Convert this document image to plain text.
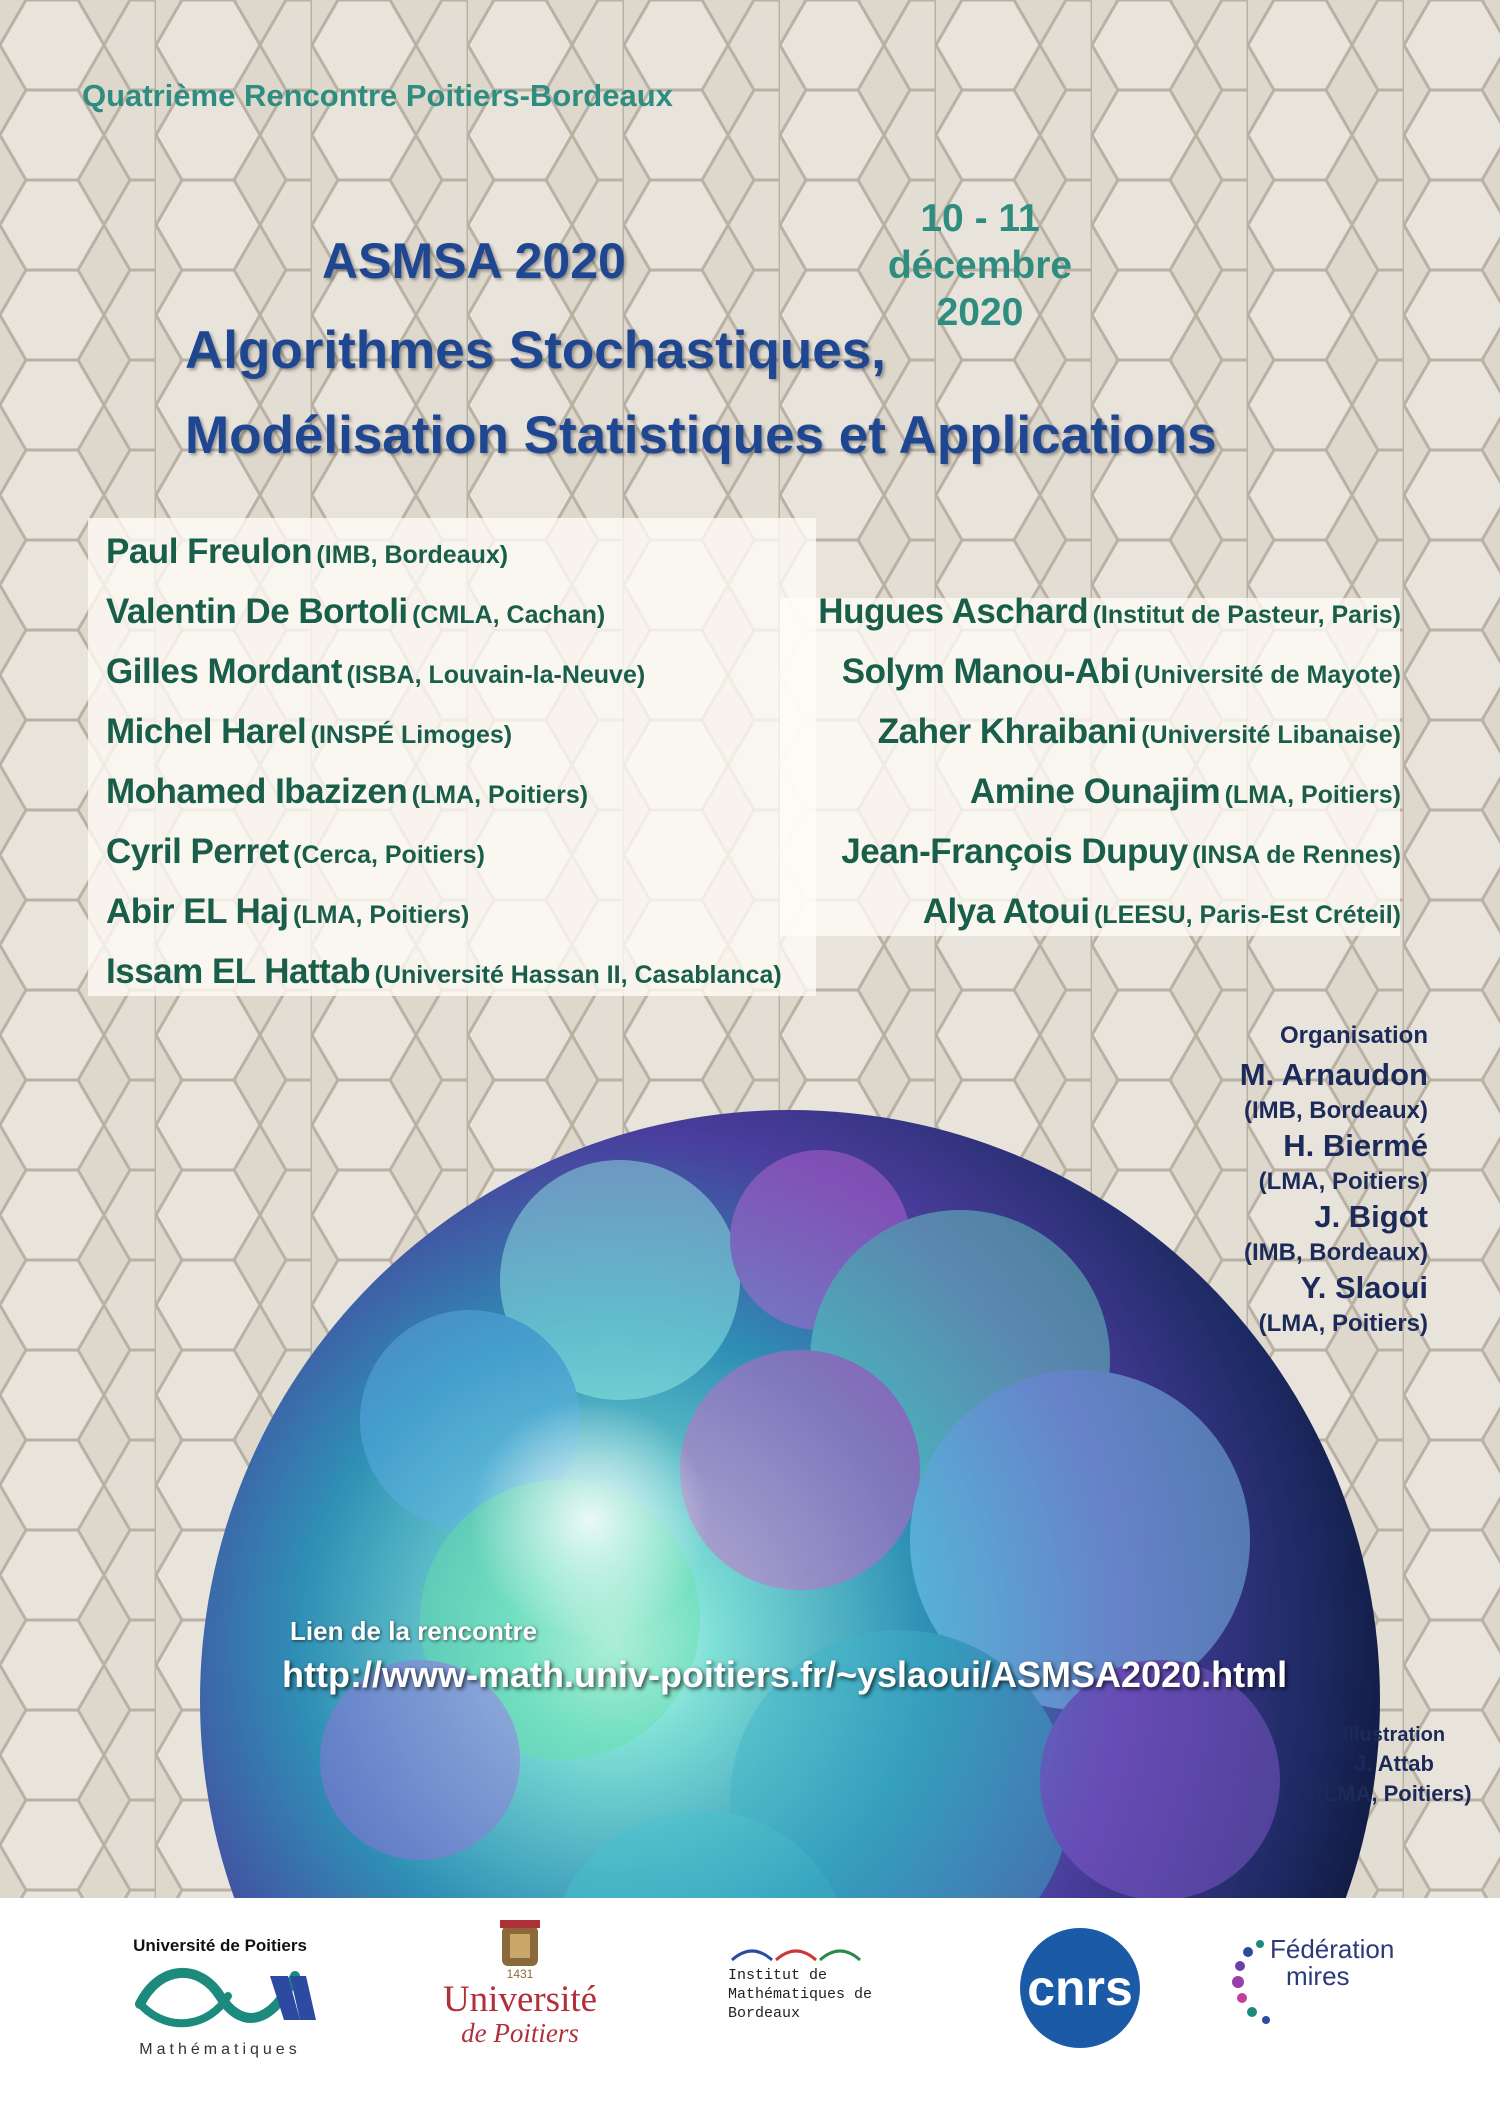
Quatrième Rencontre Poitiers-Bordeaux
ASMSA 2020
Algorithmes Stochastiques,
Modélisation Statistiques et Applications
10 - 11
décembre
2020
Paul Freulon (IMB, Bordeaux)
Valentin De Bortoli (CMLA, Cachan)
Gilles Mordant (ISBA, Louvain-la-Neuve)
Michel Harel (INSPÉ Limoges)
Mohamed Ibazizen (LMA, Poitiers)
Cyril Perret (Cerca, Poitiers)
Abir EL Haj (LMA, Poitiers)
Issam EL Hattab (Université Hassan II, Casablanca)
Hugues Aschard (Institut de Pasteur, Paris)
Solym Manou-Abi (Université de Mayote)
Zaher Khraibani (Université Libanaise)
Amine Ounajim (LMA, Poitiers)
Jean-François Dupuy (INSA de Rennes)
Alya Atoui (LEESU, Paris-Est Créteil)
Organisation
M. Arnaudon
(IMB, Bordeaux)
H. Biermé
(LMA, Poitiers)
J. Bigot
(IMB, Bordeaux)
Y. Slaoui
(LMA, Poitiers)
Lien de la rencontre
http://www-math.univ-poitiers.fr/~yslaoui/ASMSA2020.html
Illustration
J. Attab
(LMA, Poitiers)
Université de Poitiers
Mathématiques
1431
Université
de Poitiers
Institut de
Mathématiques de
Bordeaux	cnrs
Fédération
mires
